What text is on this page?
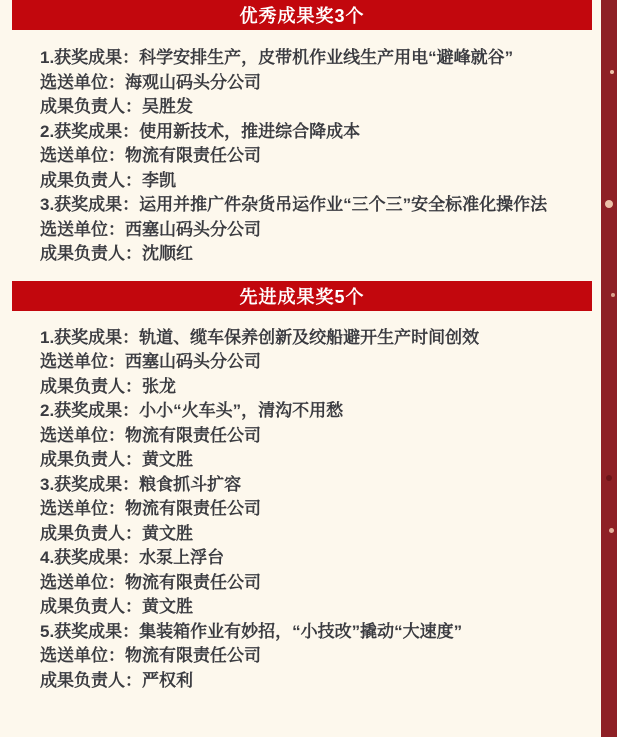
优秀成果奖3个

1.获奖成果：科学安排生产，皮带机作业线生产用电“避峰就谷”

选送单位：海观山码头分公司

成果负责人：吴胜发

2.获奖成果：使用新技术，推进综合降成本

选送单位：物流有限责任公司

成果负责人：李凯

3.获奖成果：运用并推广件杂货吊运作业“三个三”安全标准化操作法

选送单位：西塞山码头分公司

成果负责人：沈顺红

先进成果奖5个

1.获奖成果：轨道、缆车保养创新及绞船避开生产时间创效

选送单位：西塞山码头分公司

成果负责人：张龙

2.获奖成果：小小“火车头”，清沟不用愁

选送单位：物流有限责任公司

成果负责人：黄文胜

3.获奖成果：粮食抓斗扩容

选送单位：物流有限责任公司

成果负责人：黄文胜

4.获奖成果：水泵上浮台

选送单位：物流有限责任公司

成果负责人：黄文胜

5.获奖成果：集装箱作业有妙招，“小技改”撬动“大速度”

选送单位：物流有限责任公司

成果负责人：严权利
